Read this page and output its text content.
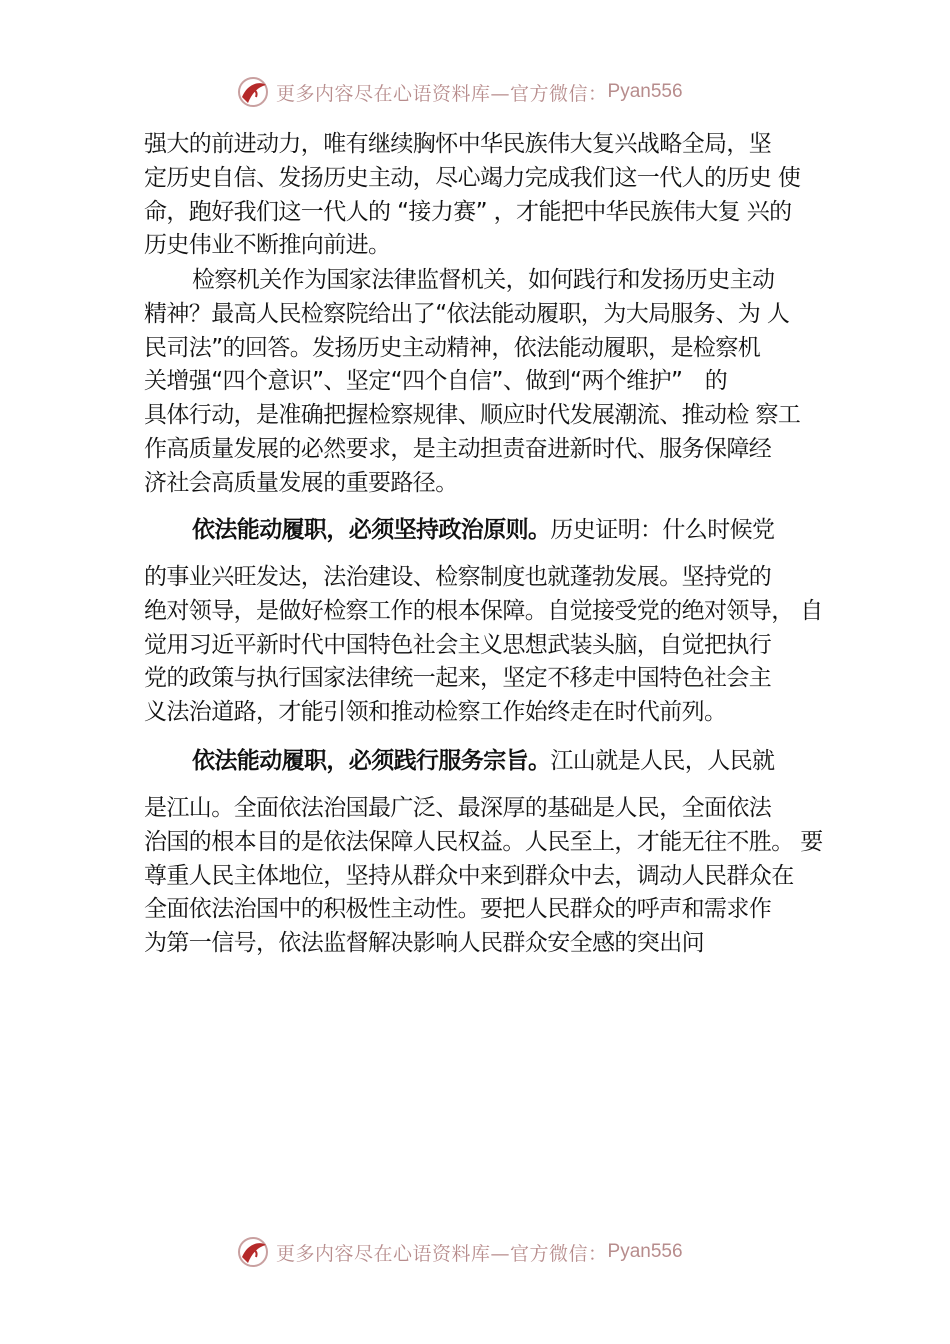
更多内容尽在心语资料库—官方微信： Pyan556
强大的前进动力，唯有继续胸怀中华民族伟大复兴战略全局，坚
定历史自信、发扬历史主动，尽心竭力完成我们这一代人的历史 使
命，跑好我们这一代人的 “接力赛” ，才能把中华民族伟大复 兴的
历史伟业不断推向前进。
检察机关作为国家法律监督机关，如何践行和发扬历史主动
精神？最高人民检察院给出了“依法能动履职，为大局服务、为 人
民司法”的回答。发扬历史主动精神，依法能动履职，是检察机
关增强“四个意识”、坚定“四个自信”、做到“两个维护”　的
具体行动，是准确把握检察规律、顺应时代发展潮流、推动检 察工
作高质量发展的必然要求，是主动担责奋进新时代、服务保障经
济社会高质量发展的重要路径。
依法能动履职，必须坚持政治原则。历史证明：什么时候党
的事业兴旺发达，法治建设、检察制度也就蓬勃发展。坚持党的
绝对领导，是做好检察工作的根本保障。自觉接受党的绝对领导， 自
觉用习近平新时代中国特色社会主义思想武装头脑，自觉把执行
党的政策与执行国家法律统一起来，坚定不移走中国特色社会主
义法治道路，才能引领和推动检察工作始终走在时代前列。
依法能动履职，必须践行服务宗旨。江山就是人民，人民就
是江山。全面依法治国最广泛、最深厚的基础是人民，全面依法
治国的根本目的是依法保障人民权益。人民至上，才能无往不胜。 要
尊重人民主体地位，坚持从群众中来到群众中去，调动人民群众在
全面依法治国中的积极性主动性。要把人民群众的呼声和需求作
为第一信号，依法监督解决影响人民群众安全感的突出问
更多内容尽在心语资料库—官方微信： Pyan556
